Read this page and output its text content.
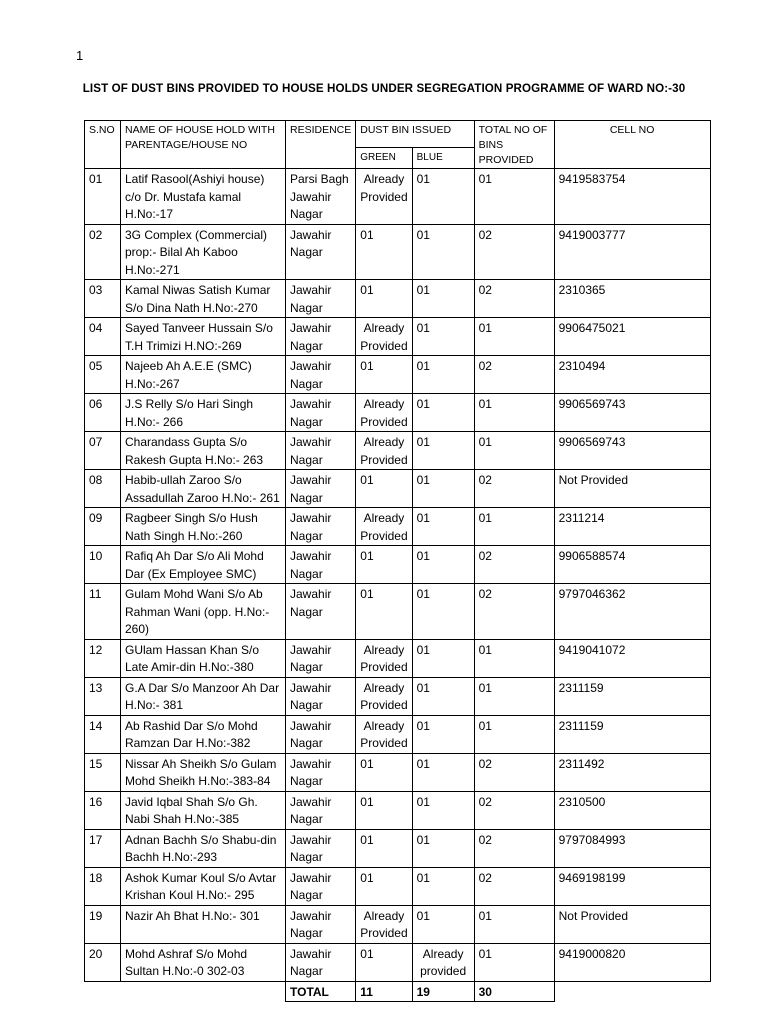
1
LIST OF DUST BINS PROVIDED TO HOUSE HOLDS UNDER SEGREGATION PROGRAMME OF WARD NO:-30
S.NO	NAME OF HOUSE HOLD WITH PARENTAGE/HOUSE NO	RESIDENCE	DUST BIN ISSUED		TOTAL NO OF BINS PROVIDED	CELL NO
			GREEN	BLUE		
01	Latif Rasool(Ashiyi house) c/o Dr. Mustafa kamal H.No:-17	Parsi Bagh Jawahir Nagar	Already Provided	01	01	9419583754
02	3G Complex (Commercial) prop:- Bilal Ah Kaboo H.No:-271	Jawahir Nagar	01	01	02	9419003777
03	Kamal Niwas Satish Kumar S/o Dina Nath H.No:-270	Jawahir Nagar	01	01	02	2310365
04	Sayed Tanveer Hussain S/o T.H Trimizi H.NO:-269	Jawahir Nagar	Already Provided	01	01	9906475021
05	Najeeb Ah A.E.E (SMC) H.No:-267	Jawahir Nagar	01	01	02	2310494
06	J.S Relly S/o Hari Singh H.No:- 266	Jawahir Nagar	Already Provided	01	01	9906569743
07	Charandass Gupta S/o Rakesh Gupta H.No:- 263	Jawahir Nagar	Already Provided	01	01	9906569743
08	Habib-ullah Zaroo S/o Assadullah Zaroo H.No:- 261	Jawahir Nagar	01	01	02	Not Provided
09	Ragbeer Singh S/o Hush Nath Singh H.No:-260	Jawahir Nagar	Already Provided	01	01	2311214
10	Rafiq Ah Dar S/o Ali Mohd Dar (Ex Employee SMC)	Jawahir Nagar	01	01	02	9906588574
11	Gulam Mohd Wani S/o Ab Rahman Wani (opp. H.No:- 260)	Jawahir Nagar	01	01	02	9797046362
12	GUlam Hassan Khan S/o Late Amir-din H.No:-380	Jawahir Nagar	Already Provided	01	01	9419041072
13	G.A Dar S/o Manzoor Ah Dar H.No:- 381	Jawahir Nagar	Already Provided	01	01	2311159
14	Ab Rashid Dar S/o Mohd Ramzan Dar H.No:-382	Jawahir Nagar	Already Provided	01	01	2311159
15	Nissar Ah Sheikh S/o Gulam Mohd Sheikh H.No:-383-84	Jawahir Nagar	01	01	02	2311492
16	Javid Iqbal Shah S/o Gh. Nabi Shah H.No:-385	Jawahir Nagar	01	01	02	2310500
17	Adnan Bachh S/o Shabu-din Bachh H.No:-293	Jawahir Nagar	01	01	02	9797084993
18	Ashok Kumar Koul S/o Avtar Krishan Koul H.No:- 295	Jawahir Nagar	01	01	02	9469198199
19	Nazir Ah Bhat H.No:- 301	Jawahir Nagar	Already Provided	01	01	Not Provided
20	Mohd Ashraf S/o Mohd Sultan H.No:-0 302-03	Jawahir Nagar	01	Already provided	01	9419000820
		TOTAL	11	19	30	
